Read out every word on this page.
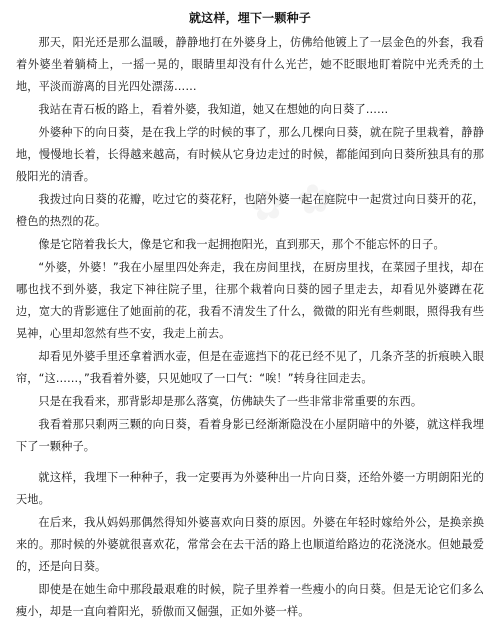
就这样，埋下一颗种子
那天，阳光还是那么温暖，静静地打在外婆身上，仿佛给他镀上了一层金色的外套，我看着外婆坐着躺椅上，一摇一晃的，眼睛里却没有什么光芒，她不眨眼地盯着院中光秃秃的土地，平淡而游离的目光四处漂荡……
我站在青石板的路上，看着外婆，我知道，她又在想她的向日葵了……
外婆种下的向日葵，是在我上学的时候的事了，那么几棵向日葵，就在院子里栽着，静静地，慢慢地长着，长得越来越高，有时候从它身边走过的时候，都能闻到向日葵所独具有的那般阳光的清香。
我拨过向日葵的花瓣，吃过它的葵花籽，也陪外婆一起在庭院中一起赏过向日葵开的花，橙色的热烈的花。
像是它陪着我长大，像是它和我一起拥抱阳光，直到那天，那个不能忘怀的日子。
“外婆，外婆！”我在小屋里四处奔走，我在房间里找，在厨房里找，在菜园子里找，却在哪也找不到外婆，我定下神往院子里，往那个栽着向日葵的园子里走去，却看见外婆蹲在花边，宽大的背影遮住了她面前的花，我看不清发生了什么，微微的阳光有些刺眼，照得我有些晃神，心里却忽然有些不安，我走上前去。
却看见外婆手里还拿着洒水壶，但是在壶遮挡下的花已经不见了，几条齐茎的折痕映入眼帘，“这……，”我看着外婆，只见她叹了一口气：“唉！”转身往回走去。
只是在我看来，那背影却是那么落寞，仿佛缺失了一些非常非常重要的东西。
我看着那只剩两三颗的向日葵，看着身影已经渐渐隐没在小屋阴暗中的外婆，就这样我埋下了一颗种子。
就这样，我埋下一种种子，我一定要再为外婆种出一片向日葵，还给外婆一方明朗阳光的天地。
在后来，我从妈妈那偶然得知外婆喜欢向日葵的原因。外婆在年轻时嫁给外公，是换亲换来的。那时候的外婆就很喜欢花，常常会在去干活的路上也顺道给路边的花浇浇水。但她最爱的，还是向日葵。
即使是在她生命中那段最艰难的时候，院子里养着一些瘦小的向日葵。但是无论它们多么瘦小，却是一直向着阳光，骄傲而又倔强，正如外婆一样。
